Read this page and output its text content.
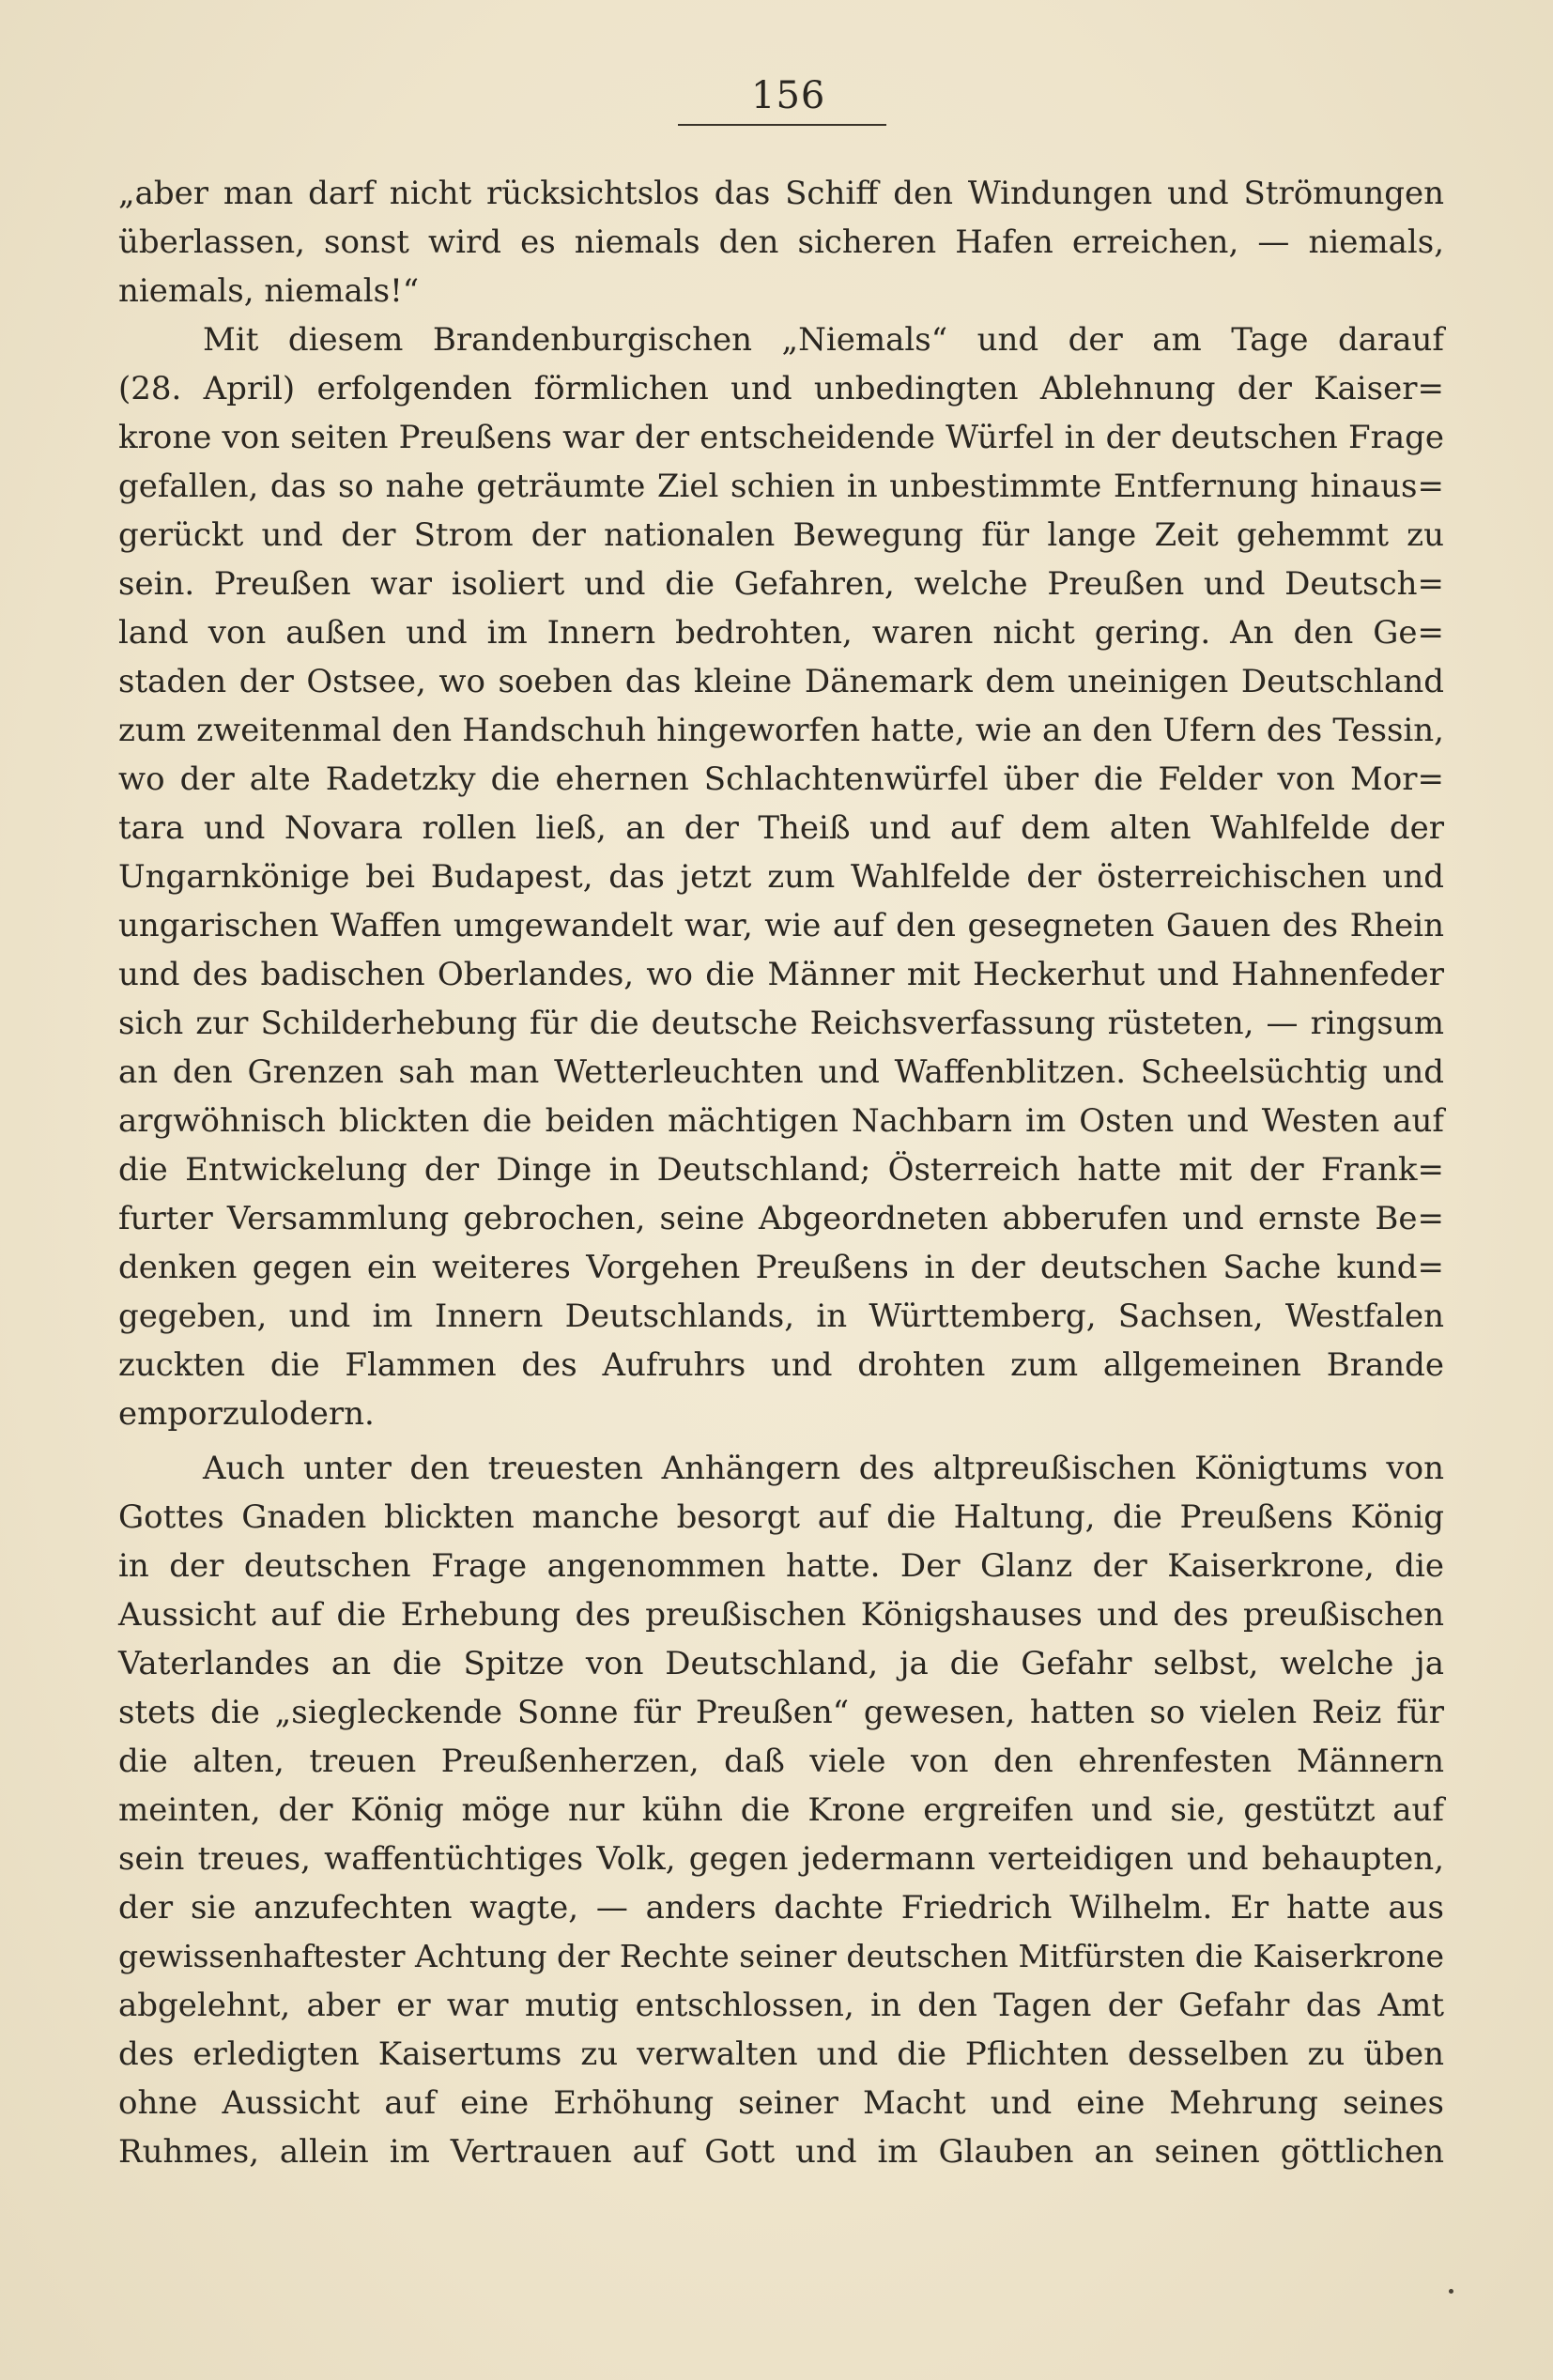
156
„aber man darf nicht rücksichtslos das Schiff den Windungen und Strömungen
überlassen, sonst wird es niemals den sicheren Hafen erreichen, — niemals,
niemals, niemals!“
Mit diesem Brandenburgischen „Niemals“ und der am Tage darauf
(28. April) erfolgenden förmlichen und unbedingten Ablehnung der Kaiser=
krone von seiten Preußens war der entscheidende Würfel in der deutschen Frage
gefallen, das so nahe geträumte Ziel schien in unbestimmte Entfernung hinaus=
gerückt und der Strom der nationalen Bewegung für lange Zeit gehemmt zu
sein. Preußen war isoliert und die Gefahren, welche Preußen und Deutsch=
land von außen und im Innern bedrohten, waren nicht gering. An den Ge=
staden der Ostsee, wo soeben das kleine Dänemark dem uneinigen Deutschland
zum zweitenmal den Handschuh hingeworfen hatte, wie an den Ufern des Tessin,
wo der alte Radetzky die ehernen Schlachtenwürfel über die Felder von Mor=
tara und Novara rollen ließ, an der Theiß und auf dem alten Wahlfelde der
Ungarnkönige bei Budapest, das jetzt zum Wahlfelde der österreichischen und
ungarischen Waffen umgewandelt war, wie auf den gesegneten Gauen des Rhein
und des badischen Oberlandes, wo die Männer mit Heckerhut und Hahnenfeder
sich zur Schilderhebung für die deutsche Reichsverfassung rüsteten, — ringsum
an den Grenzen sah man Wetterleuchten und Waffenblitzen. Scheelsüchtig und
argwöhnisch blickten die beiden mächtigen Nachbarn im Osten und Westen auf
die Entwickelung der Dinge in Deutschland; Österreich hatte mit der Frank=
furter Versammlung gebrochen, seine Abgeordneten abberufen und ernste Be=
denken gegen ein weiteres Vorgehen Preußens in der deutschen Sache kund=
gegeben, und im Innern Deutschlands, in Württemberg, Sachsen, Westfalen
zuckten die Flammen des Aufruhrs und drohten zum allgemeinen Brande
emporzulodern.
Auch unter den treuesten Anhängern des altpreußischen Königtums von
Gottes Gnaden blickten manche besorgt auf die Haltung, die Preußens König
in der deutschen Frage angenommen hatte. Der Glanz der Kaiserkrone, die
Aussicht auf die Erhebung des preußischen Königshauses und des preußischen
Vaterlandes an die Spitze von Deutschland, ja die Gefahr selbst, welche ja
stets die „siegleckende Sonne für Preußen“ gewesen, hatten so vielen Reiz für
die alten, treuen Preußenherzen, daß viele von den ehrenfesten Männern
meinten, der König möge nur kühn die Krone ergreifen und sie, gestützt auf
sein treues, waffentüchtiges Volk, gegen jedermann verteidigen und behaupten,
der sie anzufechten wagte, — anders dachte Friedrich Wilhelm. Er hatte aus
gewissenhaftester Achtung der Rechte seiner deutschen Mitfürsten die Kaiserkrone
abgelehnt, aber er war mutig entschlossen, in den Tagen der Gefahr das Amt
des erledigten Kaisertums zu verwalten und die Pflichten desselben zu üben
ohne Aussicht auf eine Erhöhung seiner Macht und eine Mehrung seines
Ruhmes, allein im Vertrauen auf Gott und im Glauben an seinen göttlichen
